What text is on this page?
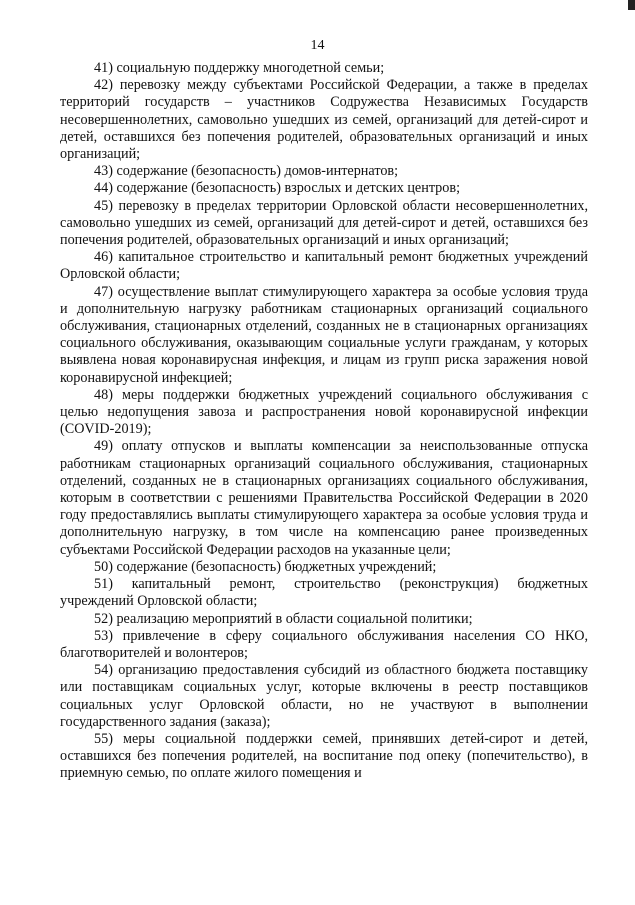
14

41) социальную поддержку многодетной семьи;

42) перевозку между субъектами Российской Федерации, а также в пределах территорий государств – участников Содружества Независимых Государств несовершеннолетних, самовольно ушедших из семей, организаций для детей-сирот и детей, оставшихся без попечения родителей, образовательных организаций и иных организаций;

43) содержание (безопасность) домов-интернатов;

44) содержание (безопасность) взрослых и детских центров;

45) перевозку в пределах территории Орловской области несовершеннолетних, самовольно ушедших из семей, организаций для детей-сирот и детей, оставшихся без попечения родителей, образовательных организаций и иных организаций;

46) капитальное строительство и капитальный ремонт бюджетных учреждений Орловской области;

47) осуществление выплат стимулирующего характера за особые условия труда и дополнительную нагрузку работникам стационарных организаций социального обслуживания, стационарных отделений, созданных не в стационарных организациях социального обслуживания, оказывающим социальные услуги гражданам, у которых выявлена новая коронавирусная инфекция, и лицам из групп риска заражения новой коронавирусной инфекцией;

48) меры поддержки бюджетных учреждений социального обслуживания с целью недопущения завоза и распространения новой коронавирусной инфекции (COVID-2019);

49) оплату отпусков и выплаты компенсации за неиспользованные отпуска работникам стационарных организаций социального обслуживания, стационарных отделений, созданных не в стационарных организациях социального обслуживания, которым в соответствии с решениями Правительства Российской Федерации в 2020 году предоставлялись выплаты стимулирующего характера за особые условия труда и дополнительную нагрузку, в том числе на компенсацию ранее произведенных субъектами Российской Федерации расходов на указанные цели;

50) содержание (безопасность) бюджетных учреждений;

51) капитальный ремонт, строительство (реконструкция) бюджетных учреждений Орловской области;

52) реализацию мероприятий в области социальной политики;

53) привлечение в сферу социального обслуживания населения СО НКО, благотворителей и волонтеров;

54) организацию предоставления субсидий из областного бюджета поставщику или поставщикам социальных услуг, которые включены в реестр поставщиков социальных услуг Орловской области, но не участвуют в выполнении государственного задания (заказа);

55) меры социальной поддержки семей, принявших детей-сирот и детей, оставшихся без попечения родителей, на воспитание под опеку (попечительство), в приемную семью, по оплате жилого помещения и
